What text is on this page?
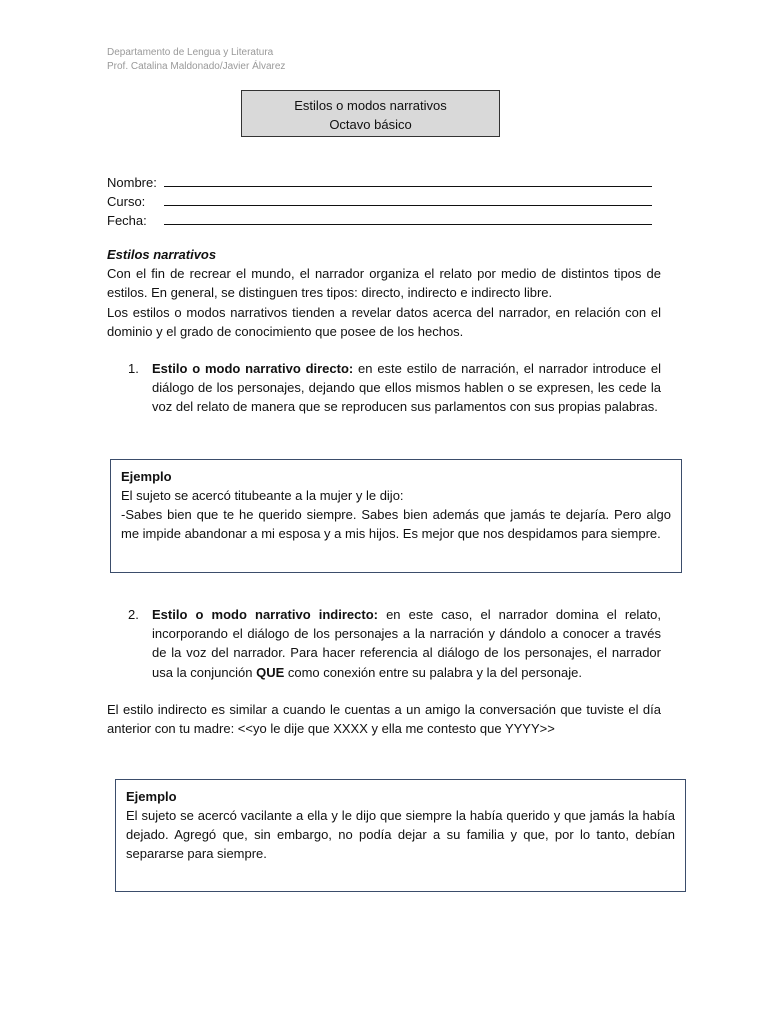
Departamento de Lengua y Literatura
Prof. Catalina Maldonado/Javier Álvarez
Estilos o modos narrativos
Octavo básico
Nombre:
Curso:
Fecha:
Estilos narrativos
Con el fin de recrear el mundo, el narrador organiza el relato por medio de distintos tipos de estilos. En general, se distinguen tres tipos: directo, indirecto e indirecto libre.
Los estilos o modos narrativos tienden a revelar datos acerca del narrador, en relación con el dominio y el grado de conocimiento que posee de los hechos.
1.	Estilo o modo narrativo directo: en este estilo de narración, el narrador introduce el diálogo de los personajes, dejando que ellos mismos hablen o se expresen, les cede la voz del relato de manera que se reproducen sus parlamentos con sus propias palabras.
Ejemplo
El sujeto se acercó titubeante a la mujer y le dijo:
-Sabes bien que te he querido siempre. Sabes bien además que jamás te dejaría. Pero algo me impide abandonar a mi esposa y a mis hijos. Es mejor que nos despidamos para siempre.
2.	Estilo o modo narrativo indirecto: en este caso, el narrador domina el relato, incorporando el diálogo de los personajes a la narración y dándolo a conocer a través de la voz del narrador. Para hacer referencia al diálogo de los personajes, el narrador usa la conjunción QUE como conexión entre su palabra y la del personaje.
El estilo indirecto es similar a cuando le cuentas a un amigo la conversación que tuviste el día anterior con tu madre: <<yo le dije que XXXX y ella me contesto que YYYY>>
Ejemplo
El sujeto se acercó vacilante a ella y le dijo que siempre la había querido y que jamás la había dejado. Agregó que, sin embargo, no podía dejar a su familia y que, por lo tanto, debían separarse para siempre.
